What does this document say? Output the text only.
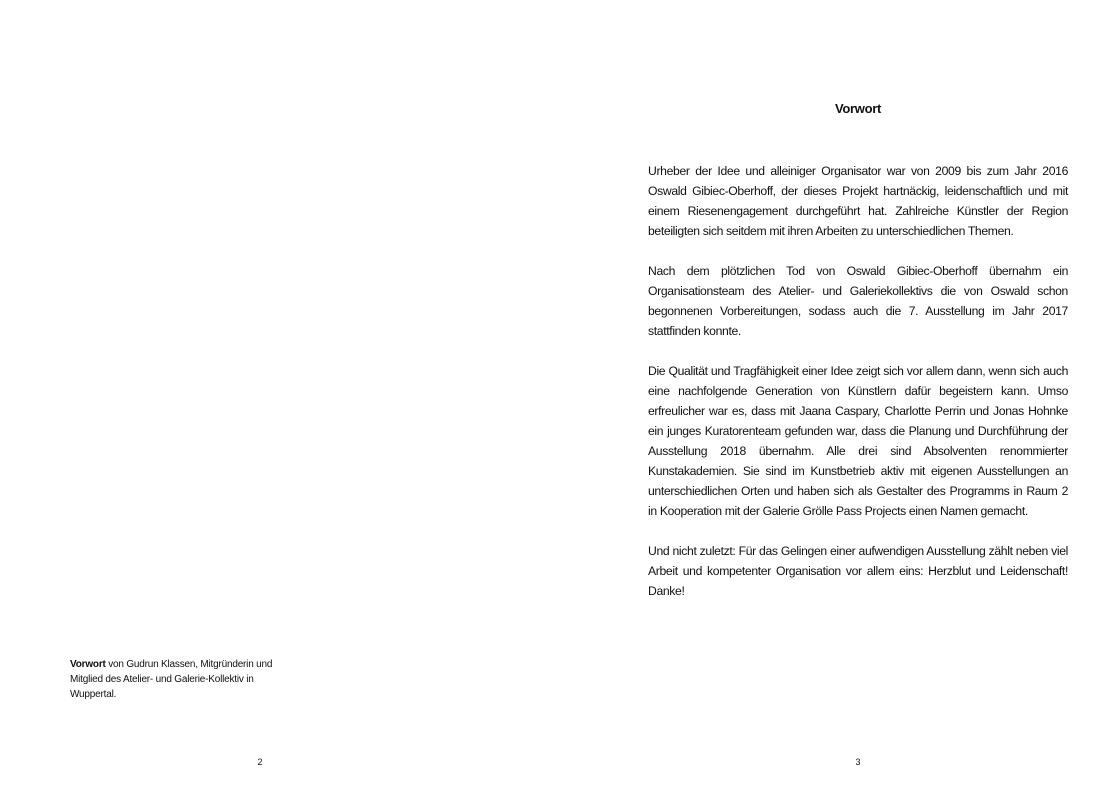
Vorwort von Gudrun Klassen, Mitgründerin und Mitglied des Atelier- und Galerie-Kollektiv in Wuppertal.
2
Vorwort

Urheber der Idee und alleiniger Organisator war von 2009 bis zum Jahr 2016 Oswald Gibiec-Oberhoff, der dieses Projekt hartnäckig, leidenschaftlich und mit einem Riesenengagement durchgeführt hat. Zahlreiche Künstler der Region beteiligten sich seitdem mit ihren Arbeiten zu unterschiedlichen Themen.

Nach dem plötzlichen Tod von Oswald Gibiec-Oberhoff übernahm ein Organisationsteam des Atelier- und Galeriekollektivs die von Oswald schon begonnenen Vorbereitungen, sodass auch die 7. Ausstellung im Jahr 2017 stattfinden konnte.

Die Qualität und Tragfähigkeit einer Idee zeigt sich vor allem dann, wenn sich auch eine nachfolgende Generation von Künstlern dafür begeistern kann. Umso erfreulicher war es, dass mit Jaana Caspary, Charlotte Perrin und Jonas Hohnke ein junges Kuratorenteam gefunden war, dass die Planung und Durchführung der Ausstellung 2018 übernahm. Alle drei sind Absolventen renommierter Kunstakademien. Sie sind im Kunstbetrieb aktiv mit eigenen Ausstellungen an unterschiedlichen Orten und haben sich als Gestalter des Programms in Raum 2 in Kooperation mit der Galerie Grölle Pass Projects einen Namen gemacht.

Und nicht zuletzt: Für das Gelingen einer aufwendigen Ausstellung zählt neben viel Arbeit und kompetenter Organisation vor allem eins: Herzblut und Leidenschaft! Danke!

3
